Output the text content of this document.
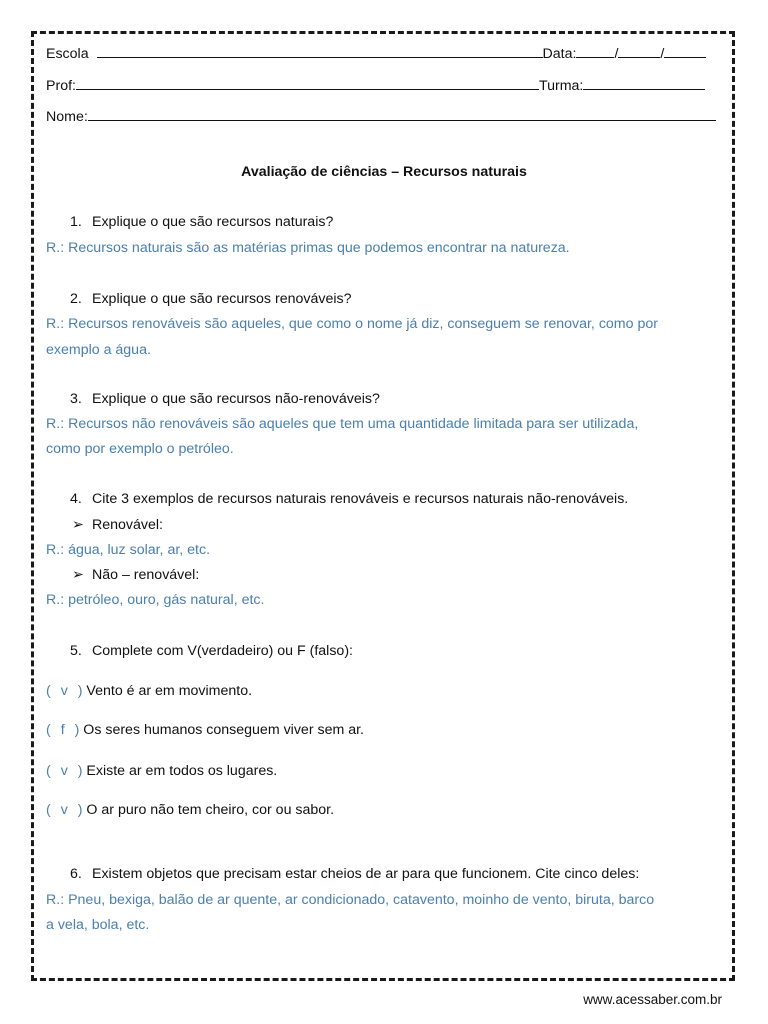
Escola	Data:	/	/
Prof:	Turma:
Nome:
Avaliação de ciências – Recursos naturais
1. Explique o que são recursos naturais?
R.: Recursos naturais são as matérias primas que podemos encontrar na natureza.
2. Explique o que são recursos renováveis?
R.: Recursos renováveis são aqueles, que como o nome já diz, conseguem se renovar, como por
exemplo a água.
3. Explique o que são recursos não-renováveis?
R.: Recursos não renováveis são aqueles que tem uma quantidade limitada para ser utilizada,
como por exemplo o petróleo.
4. Cite 3 exemplos de recursos naturais renováveis e recursos naturais não-renováveis.
➢ Renovável:
R.: água, luz solar, ar, etc.
➢ Não – renovável:
R.: petróleo, ouro, gás natural, etc.
5. Complete com V(verdadeiro) ou F (falso):
( v ) Vento é ar em movimento.
( f ) Os seres humanos conseguem viver sem ar.
( v ) Existe ar em todos os lugares.
( v ) O ar puro não tem cheiro, cor ou sabor.
6. Existem objetos que precisam estar cheios de ar para que funcionem. Cite cinco deles:
R.: Pneu, bexiga, balão de ar quente, ar condicionado, catavento, moinho de vento, biruta, barco
a vela, bola, etc.
www.acessaber.com.br
